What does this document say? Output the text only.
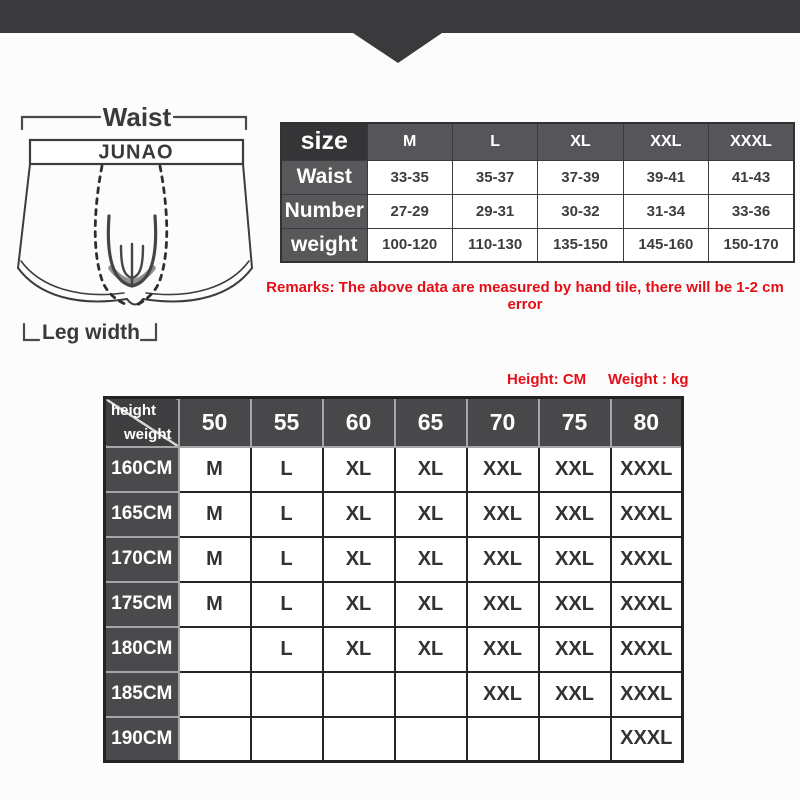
Waist
JUNAO
Leg width
size	M	L	XL	XXL	XXXL
Waist	33-35	35-37	37-39	39-41	41-43
Number	27-29	29-31	30-32	31-34	33-36
weight	100-120	110-130	135-150	145-160	150-170
Remarks: The above data are measured by hand tile, there will be 1-2 cm error
Height: CM Weight : kg
height
weight	50	55	60	65	70	75	80
160CM	M	L	XL	XL	XXL	XXL	XXXL
165CM	M	L	XL	XL	XXL	XXL	XXXL
170CM	M	L	XL	XL	XXL	XXL	XXXL
175CM	M	L	XL	XL	XXL	XXL	XXXL
180CM		L	XL	XL	XXL	XXL	XXXL
185CM					XXL	XXL	XXXL
190CM							XXXL
